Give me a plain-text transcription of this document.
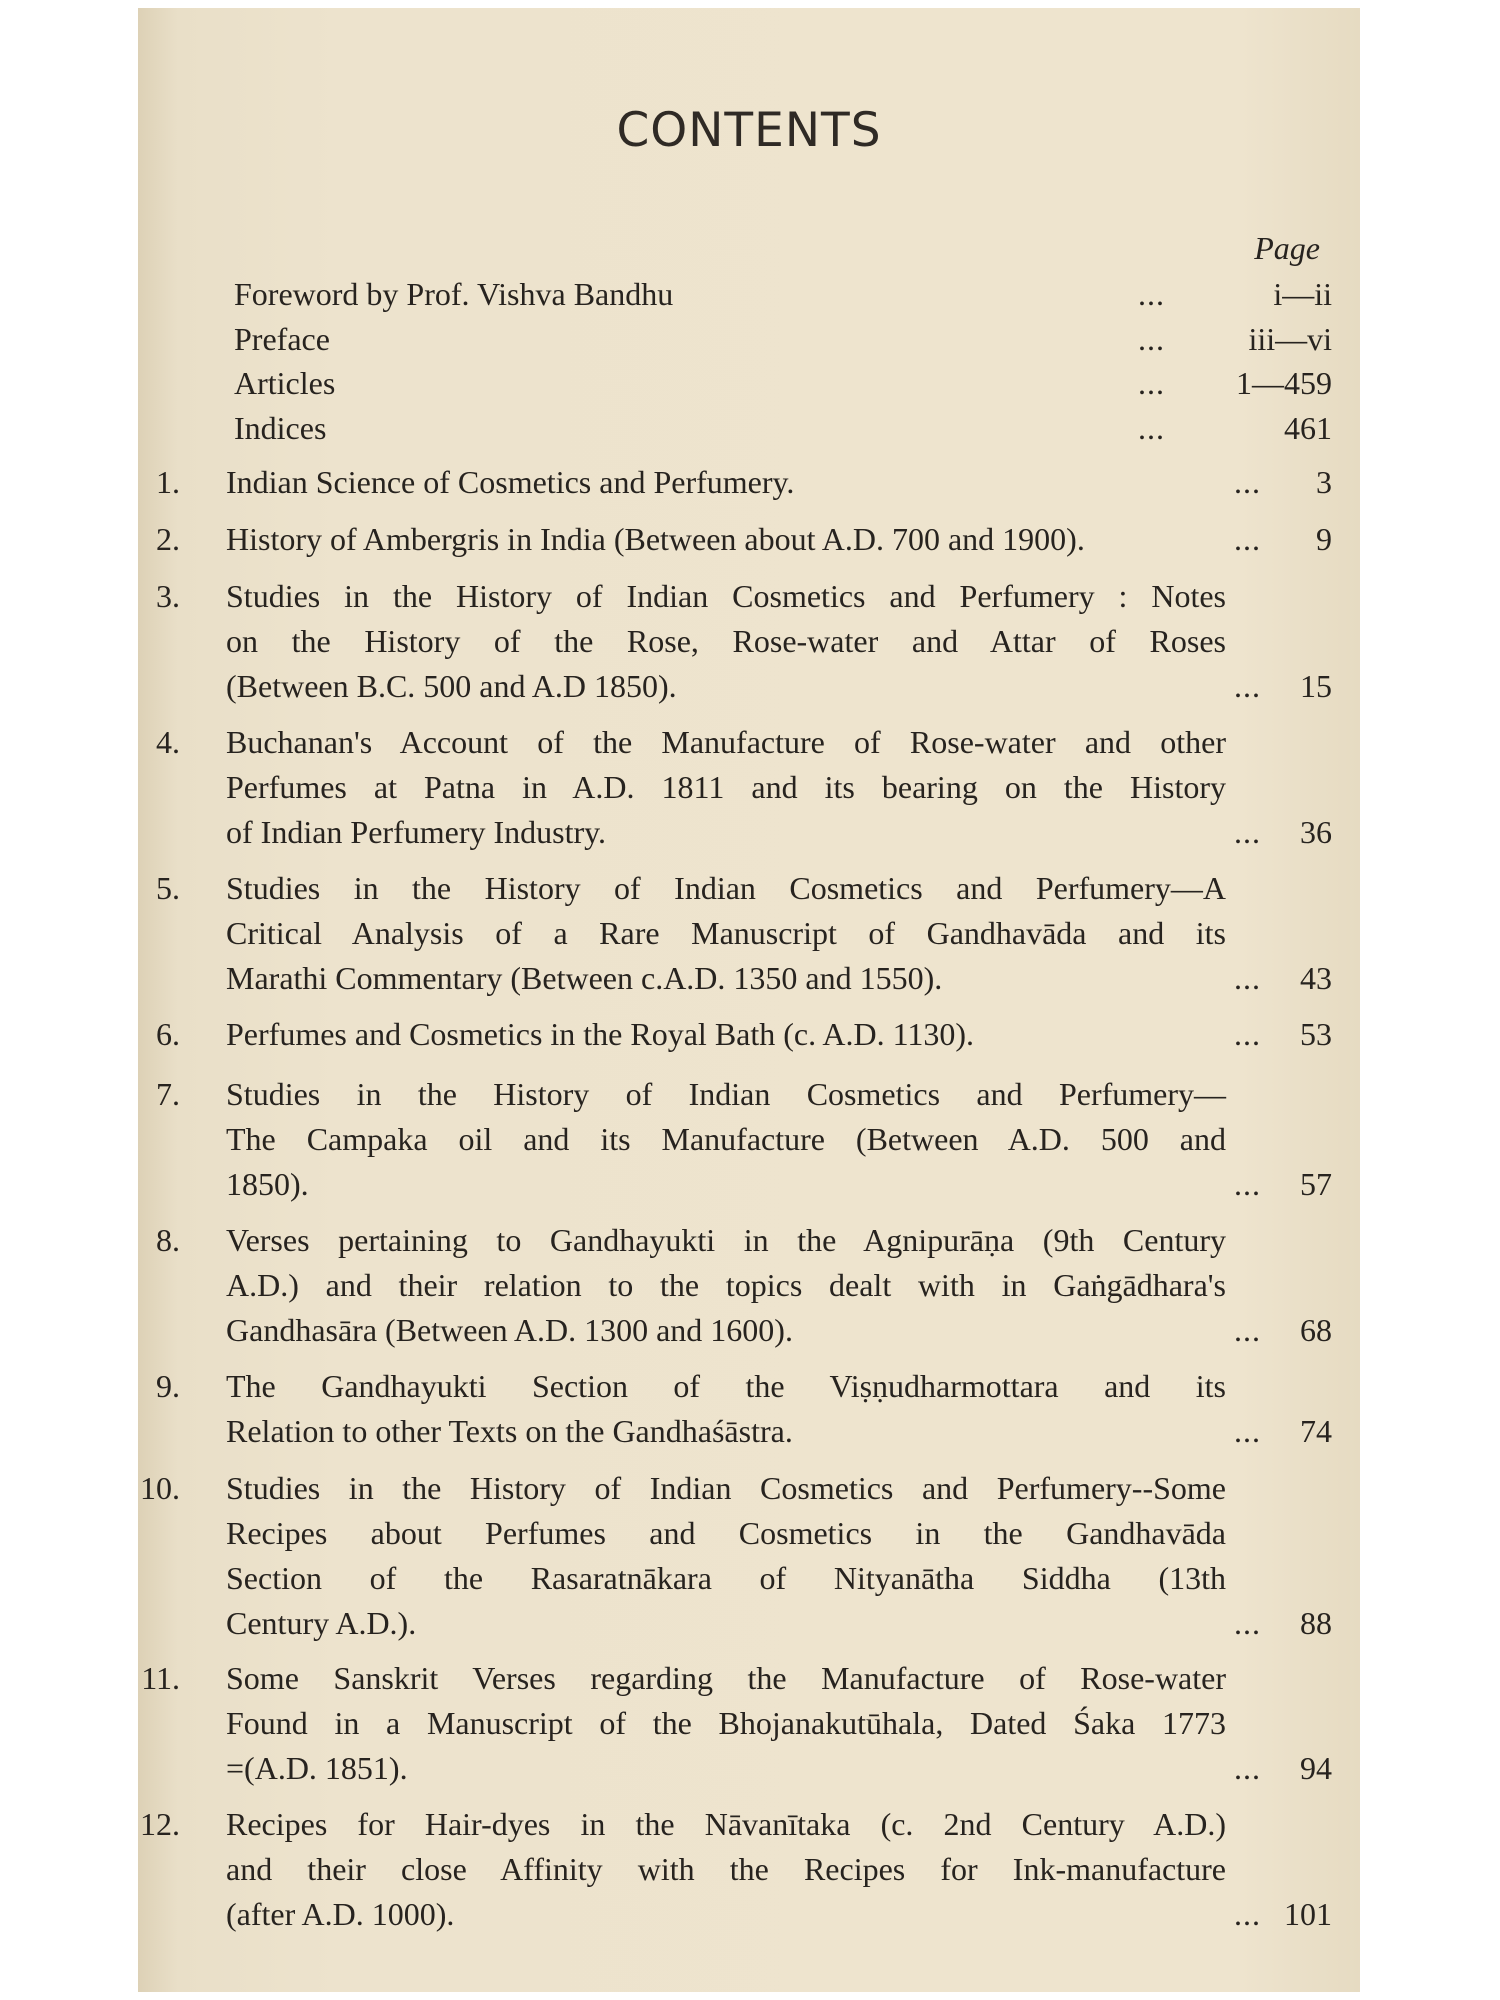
CONTENTS
Page
Foreword by Prof. Vishva Bandhu	...	i—ii
Preface	...	iii—vi
Articles	... 1—459
Indices	...	461
1. Indian Science of Cosmetics and Perfumery.	... 3
2. History of Ambergris in India (Between about A.D. 700 and 1900).	... 9
3. Studies in the History of Indian Cosmetics and Perfumery : Notes
on the History of the Rose, Rose-water and Attar of Roses
(Between B.C. 500 and A.D 1850).	... 15
4. Buchanan's Account of the Manufacture of Rose-water and other
Perfumes at Patna in A.D. 1811 and its bearing on the History
of Indian Perfumery Industry.	... 36
5. Studies in the History of Indian Cosmetics and Perfumery—A
Critical Analysis of a Rare Manuscript of Gandhavāda and its
Marathi Commentary (Between c.A.D. 1350 and 1550).	... 43
6. Perfumes and Cosmetics in the Royal Bath (c. A.D. 1130).	... 53
7. Studies in the History of Indian Cosmetics and Perfumery—
The Campaka oil and its Manufacture (Between A.D. 500 and
1850).	... 57
8. Verses pertaining to Gandhayukti in the Agnipurāṇa (9th Century
A.D.) and their relation to the topics dealt with in Gaṅgādhara's
Gandhasāra (Between A.D. 1300 and 1600).	... 68
9. The Gandhayukti Section of the Viṣṇudharmottara and its
Relation to other Texts on the Gandhaśāstra.	... 74
10. Studies in the History of Indian Cosmetics and Perfumery--Some
Recipes about Perfumes and Cosmetics in the Gandhavāda
Section of the Rasaratnākara of Nityanātha Siddha (13th
Century A.D.).	... 88
11. Some Sanskrit Verses regarding the Manufacture of Rose-water
Found in a Manuscript of the Bhojanakutūhala, Dated Śaka 1773
=(A.D. 1851).	... 94
12. Recipes for Hair-dyes in the Nāvanītaka (c. 2nd Century A.D.)
and their close Affinity with the Recipes for Ink-manufacture
(after A.D. 1000).	... 101
